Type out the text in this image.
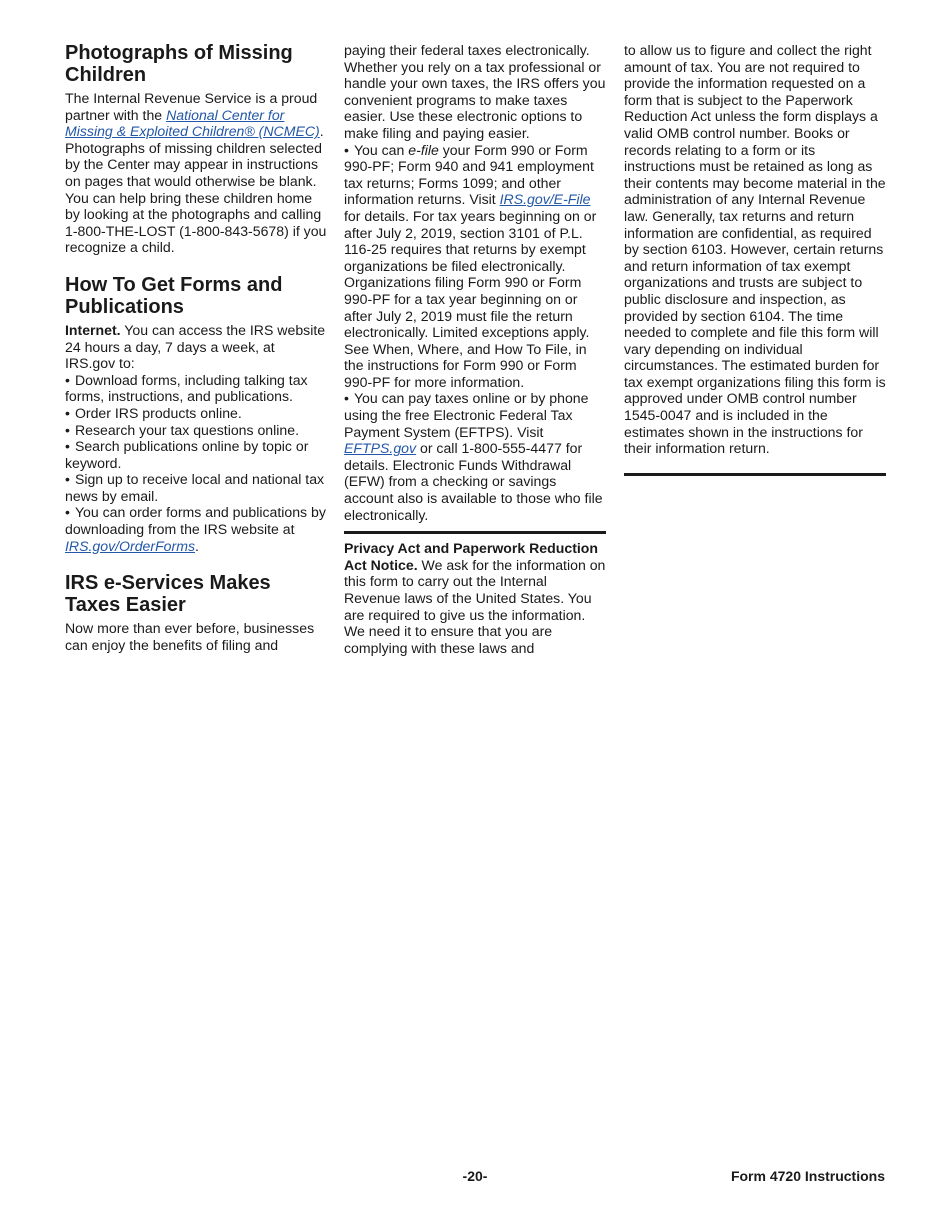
Photographs of Missing Children

The Internal Revenue Service is a proud partner with the National Center for Missing & Exploited Children® (NCMEC). Photographs of missing children selected by the Center may appear in instructions on pages that would otherwise be blank. You can help bring these children home by looking at the photographs and calling 1-800-THE-LOST (1-800-843-5678) if you recognize a child.

How To Get Forms and Publications

Internet. You can access the IRS website 24 hours a day, 7 days a week, at IRS.gov to:

• Download forms, including talking tax forms, instructions, and publications.
• Order IRS products online.
• Research your tax questions online.
• Search publications online by topic or keyword.
• Sign up to receive local and national tax news by email.
• You can order forms and publications by downloading from the IRS website at IRS.gov/OrderForms.
IRS e-Services Makes Taxes Easier

Now more than ever before, businesses can enjoy the benefits of filing and

paying their federal taxes electronically. Whether you rely on a tax professional or handle your own taxes, the IRS offers you convenient programs to make taxes easier. Use these electronic options to make filing and paying easier.

• You can e-file your Form 990 or Form 990-PF; Form 940 and 941 employment tax returns; Forms 1099; and other information returns. Visit IRS.gov/E-File for details. For tax years beginning on or after July 2, 2019, section 3101 of P.L. 116-25 requires that returns by exempt organizations be filed electronically. Organizations filing Form 990 or Form 990-PF for a tax year beginning on or after July 2, 2019 must file the return electronically. Limited exceptions apply. See When, Where, and How To File, in the instructions for Form 990 or Form 990-PF for more information.
• You can pay taxes online or by phone using the free Electronic Federal Tax Payment System (EFTPS). Visit EFTPS.gov or call 1-800-555-4477 for details. Electronic Funds Withdrawal (EFW) from a checking or savings account also is available to those who file electronically.

Privacy Act and Paperwork Reduction Act Notice. We ask for the information on this form to carry out the Internal Revenue laws of the United States. You are required to give us the information. We need it to ensure that you are complying with these laws and

to allow us to figure and collect the right amount of tax. You are not required to provide the information requested on a form that is subject to the Paperwork Reduction Act unless the form displays a valid OMB control number. Books or records relating to a form or its instructions must be retained as long as their contents may become material in the administration of any Internal Revenue law. Generally, tax returns and return information are confidential, as required by section 6103. However, certain returns and return information of tax exempt organizations and trusts are subject to public disclosure and inspection, as provided by section 6104. The time needed to complete and file this form will vary depending on individual circumstances. The estimated burden for tax exempt organizations filing this form is approved under OMB control number 1545-0047 and is included in the estimates shown in the instructions for their information return.

-20-	Form 4720 Instructions
